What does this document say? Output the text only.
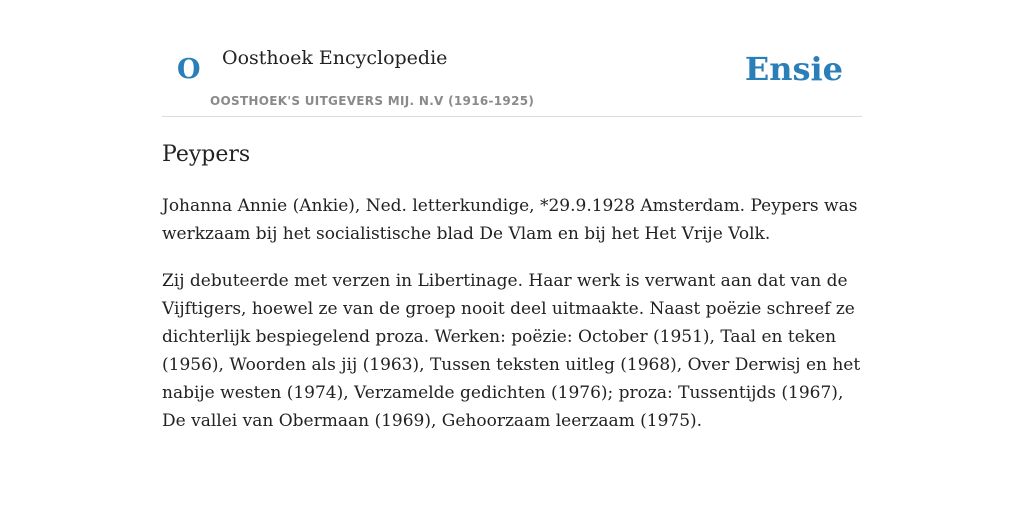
O Oosthoek Encyclopedie
OOSTHOEK'S UITGEVERS MIJ. N.V (1916-1925)
Ensie
Peypers

Johanna Annie (Ankie), Ned. letterkundige, *29.9.1928 Amsterdam. Peypers was werkzaam bij het socialistische blad De Vlam en bij het Het Vrije Volk.

Zij debuteerde met verzen in Libertinage. Haar werk is verwant aan dat van de Vijftigers, hoewel ze van de groep nooit deel uitmaakte. Naast poëzie schreef ze dichterlijk bespiegelend proza. Werken: poëzie: October (1951), Taal en teken (1956), Woorden als jij (1963), Tussen teksten uitleg (1968), Over Derwisj en het nabije westen (1974), Verzamelde gedichten (1976); proza: Tussentijds (1967), De vallei van Obermaan (1969), Gehoorzaam leerzaam (1975).
